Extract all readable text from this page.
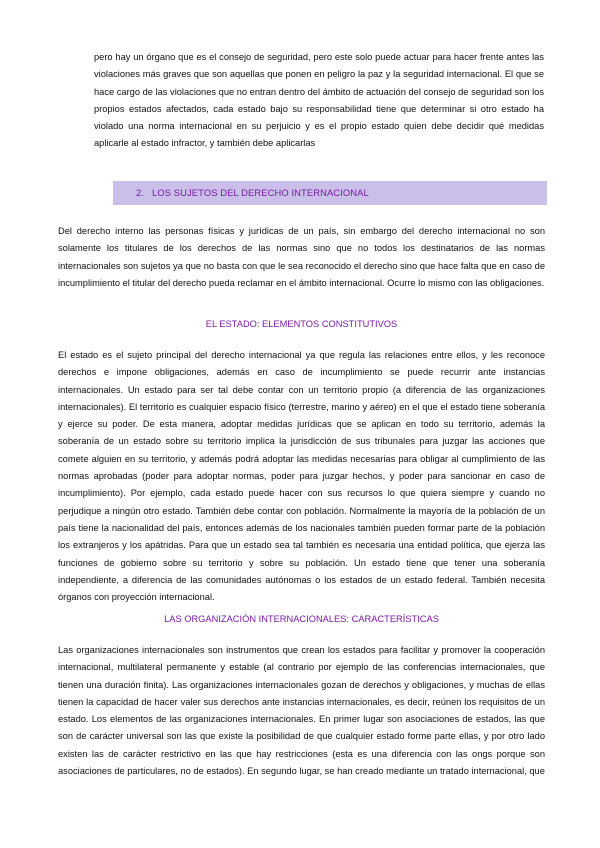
pero hay un órgano que es el consejo de seguridad, pero este solo puede actuar para hacer frente antes las violaciones más graves que son aquellas que ponen en peligro la paz y la seguridad internacional. El que se hace cargo de las violaciones que no entran dentro del ámbito de actuación del consejo de seguridad son los propios estados afectados, cada estado bajo su responsabilidad tiene que determinar si otro estado ha violado una norma internacional en su perjuicio y es el propio estado quien debe decidir qué medidas aplicarle al estado infractor, y también debe aplicarlas

2. LOS SUJETOS DEL DERECHO INTERNACIONAL

Del derecho interno las personas físicas y jurídicas de un país, sin embargo del derecho internacional no son solamente los titulares de los derechos de las normas sino que no todos los destinatarios de las normas internacionales son sujetos ya que no basta con que le sea reconocido el derecho sino que hace falta que en caso de incumplimiento el titular del derecho pueda reclamar en el ámbito internacional. Ocurre lo mismo con las obligaciones.

EL ESTADO: ELEMENTOS CONSTITUTIVOS

El estado es el sujeto principal del derecho internacional ya que regula las relaciones entre ellos, y les reconoce derechos e impone obligaciones, además en caso de incumplimiento se puede recurrir ante instancias internacionales. Un estado para ser tal debe contar con un territorio propio (a diferencia de las organizaciones internacionales). El territorio es cualquier espacio físico (terrestre, marino y aéreo) en el que el estado tiene soberanía y ejerce su poder. De esta manera, adoptar medidas jurídicas que se aplican en todo su territorio, además la soberanía de un estado sobre su territorio implica la jurisdicción de sus tribunales para juzgar las acciones que comete alguien en su territorio, y además podrá adoptar las medidas necesarias para obligar al cumplimiento de las normas aprobadas (poder para adoptar normas, poder para juzgar hechos, y poder para sancionar en caso de incumplimiento). Por ejemplo, cada estado puede hacer con sus recursos lo que quiera siempre y cuando no perjudique a ningún otro estado. También debe contar con población. Normalmente la mayoría de la población de un país tiene la nacionalidad del país, entonces además de los nacionales también pueden formar parte de la población los extranjeros y los apátridas. Para que un estado sea tal también es necesaria una entidad política, que ejerza las funciones de gobierno sobre su territorio y sobre su población. Un estado tiene que tener una soberanía independiente, a diferencia de las comunidades autónomas o los estados de un estado federal. También necesita órganos con proyección internacional.

LAS ORGANIZACIÓN INTERNACIONALES: CARACTERÍSTICAS

Las organizaciones internacionales son instrumentos que crean los estados para facilitar y promover la cooperación internacional, multilateral permanente y estable (al contrario por ejemplo de las conferencias internacionales, que tienen una duración finita). Las organizaciones internacionales gozan de derechos y obligaciones, y muchas de ellas tienen la capacidad de hacer valer sus derechos ante instancias internacionales, es decir, reúnen los requisitos de un estado. Los elementos de las organizaciones internacionales. En primer lugar son asociaciones de estados, las que son de carácter universal son las que existe la posibilidad de que cualquier estado forme parte ellas, y por otro lado existen las de carácter restrictivo en las que hay restricciones (esta es una diferencia con las ongs porque son asociaciones de particulares, no de estados). En segundo lugar, se han creado mediante un tratado internacional, que
